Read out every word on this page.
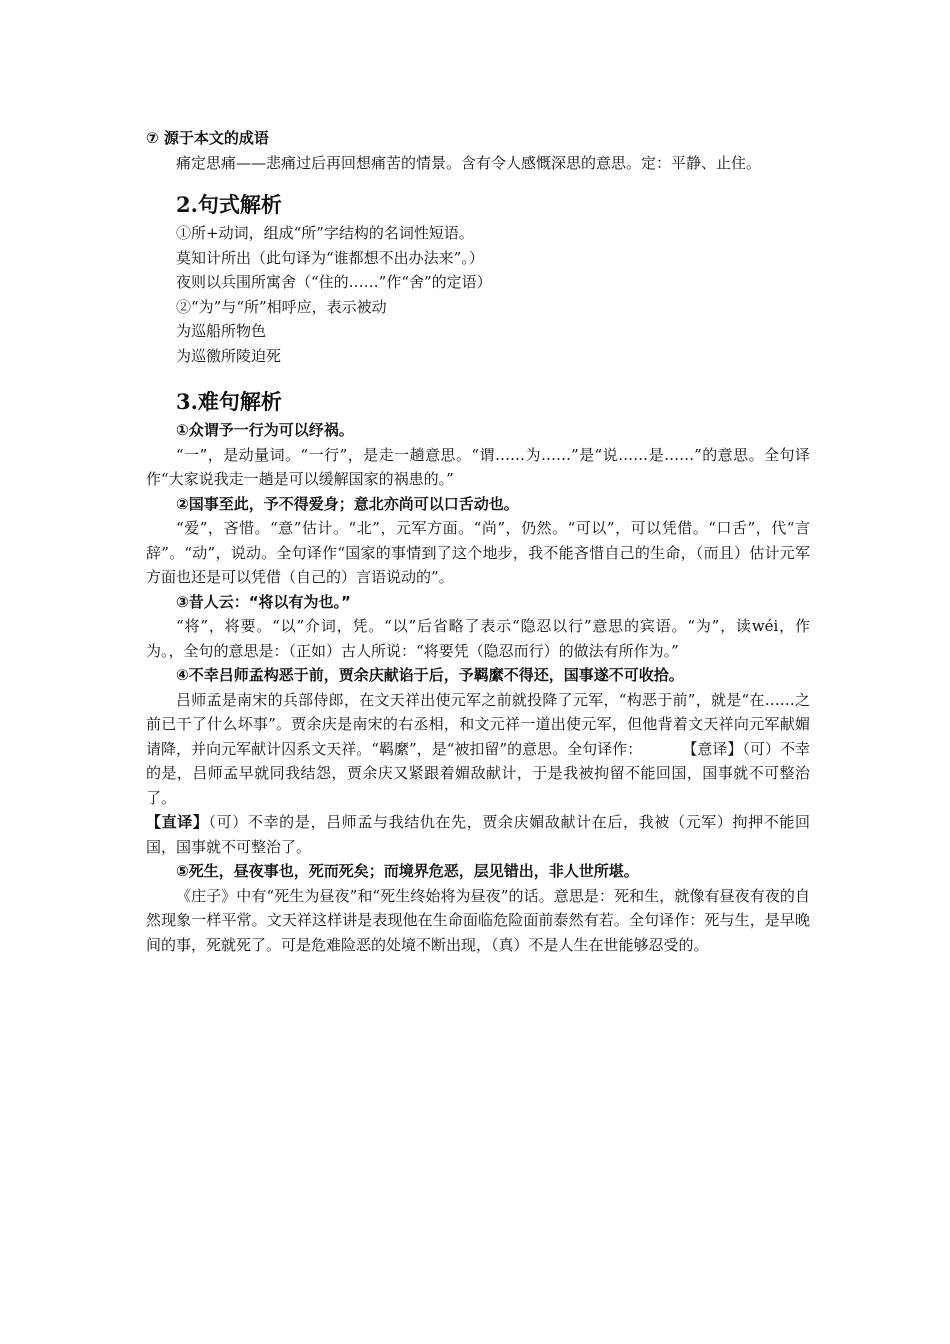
⑦ 源于本文的成语
痛定思痛——悲痛过后再回想痛苦的情景。含有令人感慨深思的意思。定：平静、止住。
2.句式解析
①所+动词，组成“所”字结构的名词性短语。
莫知计所出（此句译为“谁都想不出办法来”。）
夜则以兵围所寓舍（“住的……”作“舍”的定语）
②“为”与“所”相呼应，表示被动
为巡船所物色
为巡徼所陵迫死
3.难句解析
①众谓予一行为可以纾祸。
“一”，是动量词。“一行”，是走一趟意思。“谓……为……”是“说……是……”的意思。全句译作“大家说我走一趟是可以缓解国家的祸患的。”
②国事至此，予不得爱身；意北亦尚可以口舌动也。
“爱”，吝惜。“意”估计。“北”，元军方面。“尚”，仍然。“可以”，可以凭借。“口舌”，代“言辞”。“动”，说动。全句译作“国家的事情到了这个地步，我不能吝惜自己的生命，（而且）估计元军方面也还是可以凭借（自己的）言语说动的”。
③昔人云：“将以有为也。”
“将”，将要。“以”介词，凭。“以”后省略了表示“隐忍以行”意思的宾语。“为”，读wéi，作为。，全句的意思是：（正如）古人所说：“将要凭（隐忍而行）的做法有所作为。”
④不幸吕师孟构恶于前，贾余庆献谄于后，予羁縻不得还，国事遂不可收拾。
吕师孟是南宋的兵部侍郎，在文天祥出使元军之前就投降了元军，“构恶于前”，就是“在……之前已干了什么坏事”。贾余庆是南宋的右丞相，和文元祥一道出使元军，但他背着文天祥向元军献媚请降，并向元军献计囚系文天祥。“羁縻”，是“被扣留”的意思。全句译作：	【意译】（可）不幸的是，吕师孟早就同我结怨，贾余庆又紧跟着媚敌献计，于是我被拘留不能回国，国事就不可整治了。
【直译】（可）不幸的是，吕师孟与我结仇在先，贾余庆媚敌献计在后，我被（元军）拘押不能回国，国事就不可整治了。
⑤死生，昼夜事也，死而死矣；而境界危恶，层见错出，非人世所堪。
《庄子》中有“死生为昼夜”和“死生终始将为昼夜”的话。意思是：死和生，就像有昼夜有夜的自然现象一样平常。文天祥这样讲是表现他在生命面临危险面前泰然有若。全句译作：死与生，是早晚间的事，死就死了。可是危难险恶的处境不断出现，（真）不是人生在世能够忍受的。
